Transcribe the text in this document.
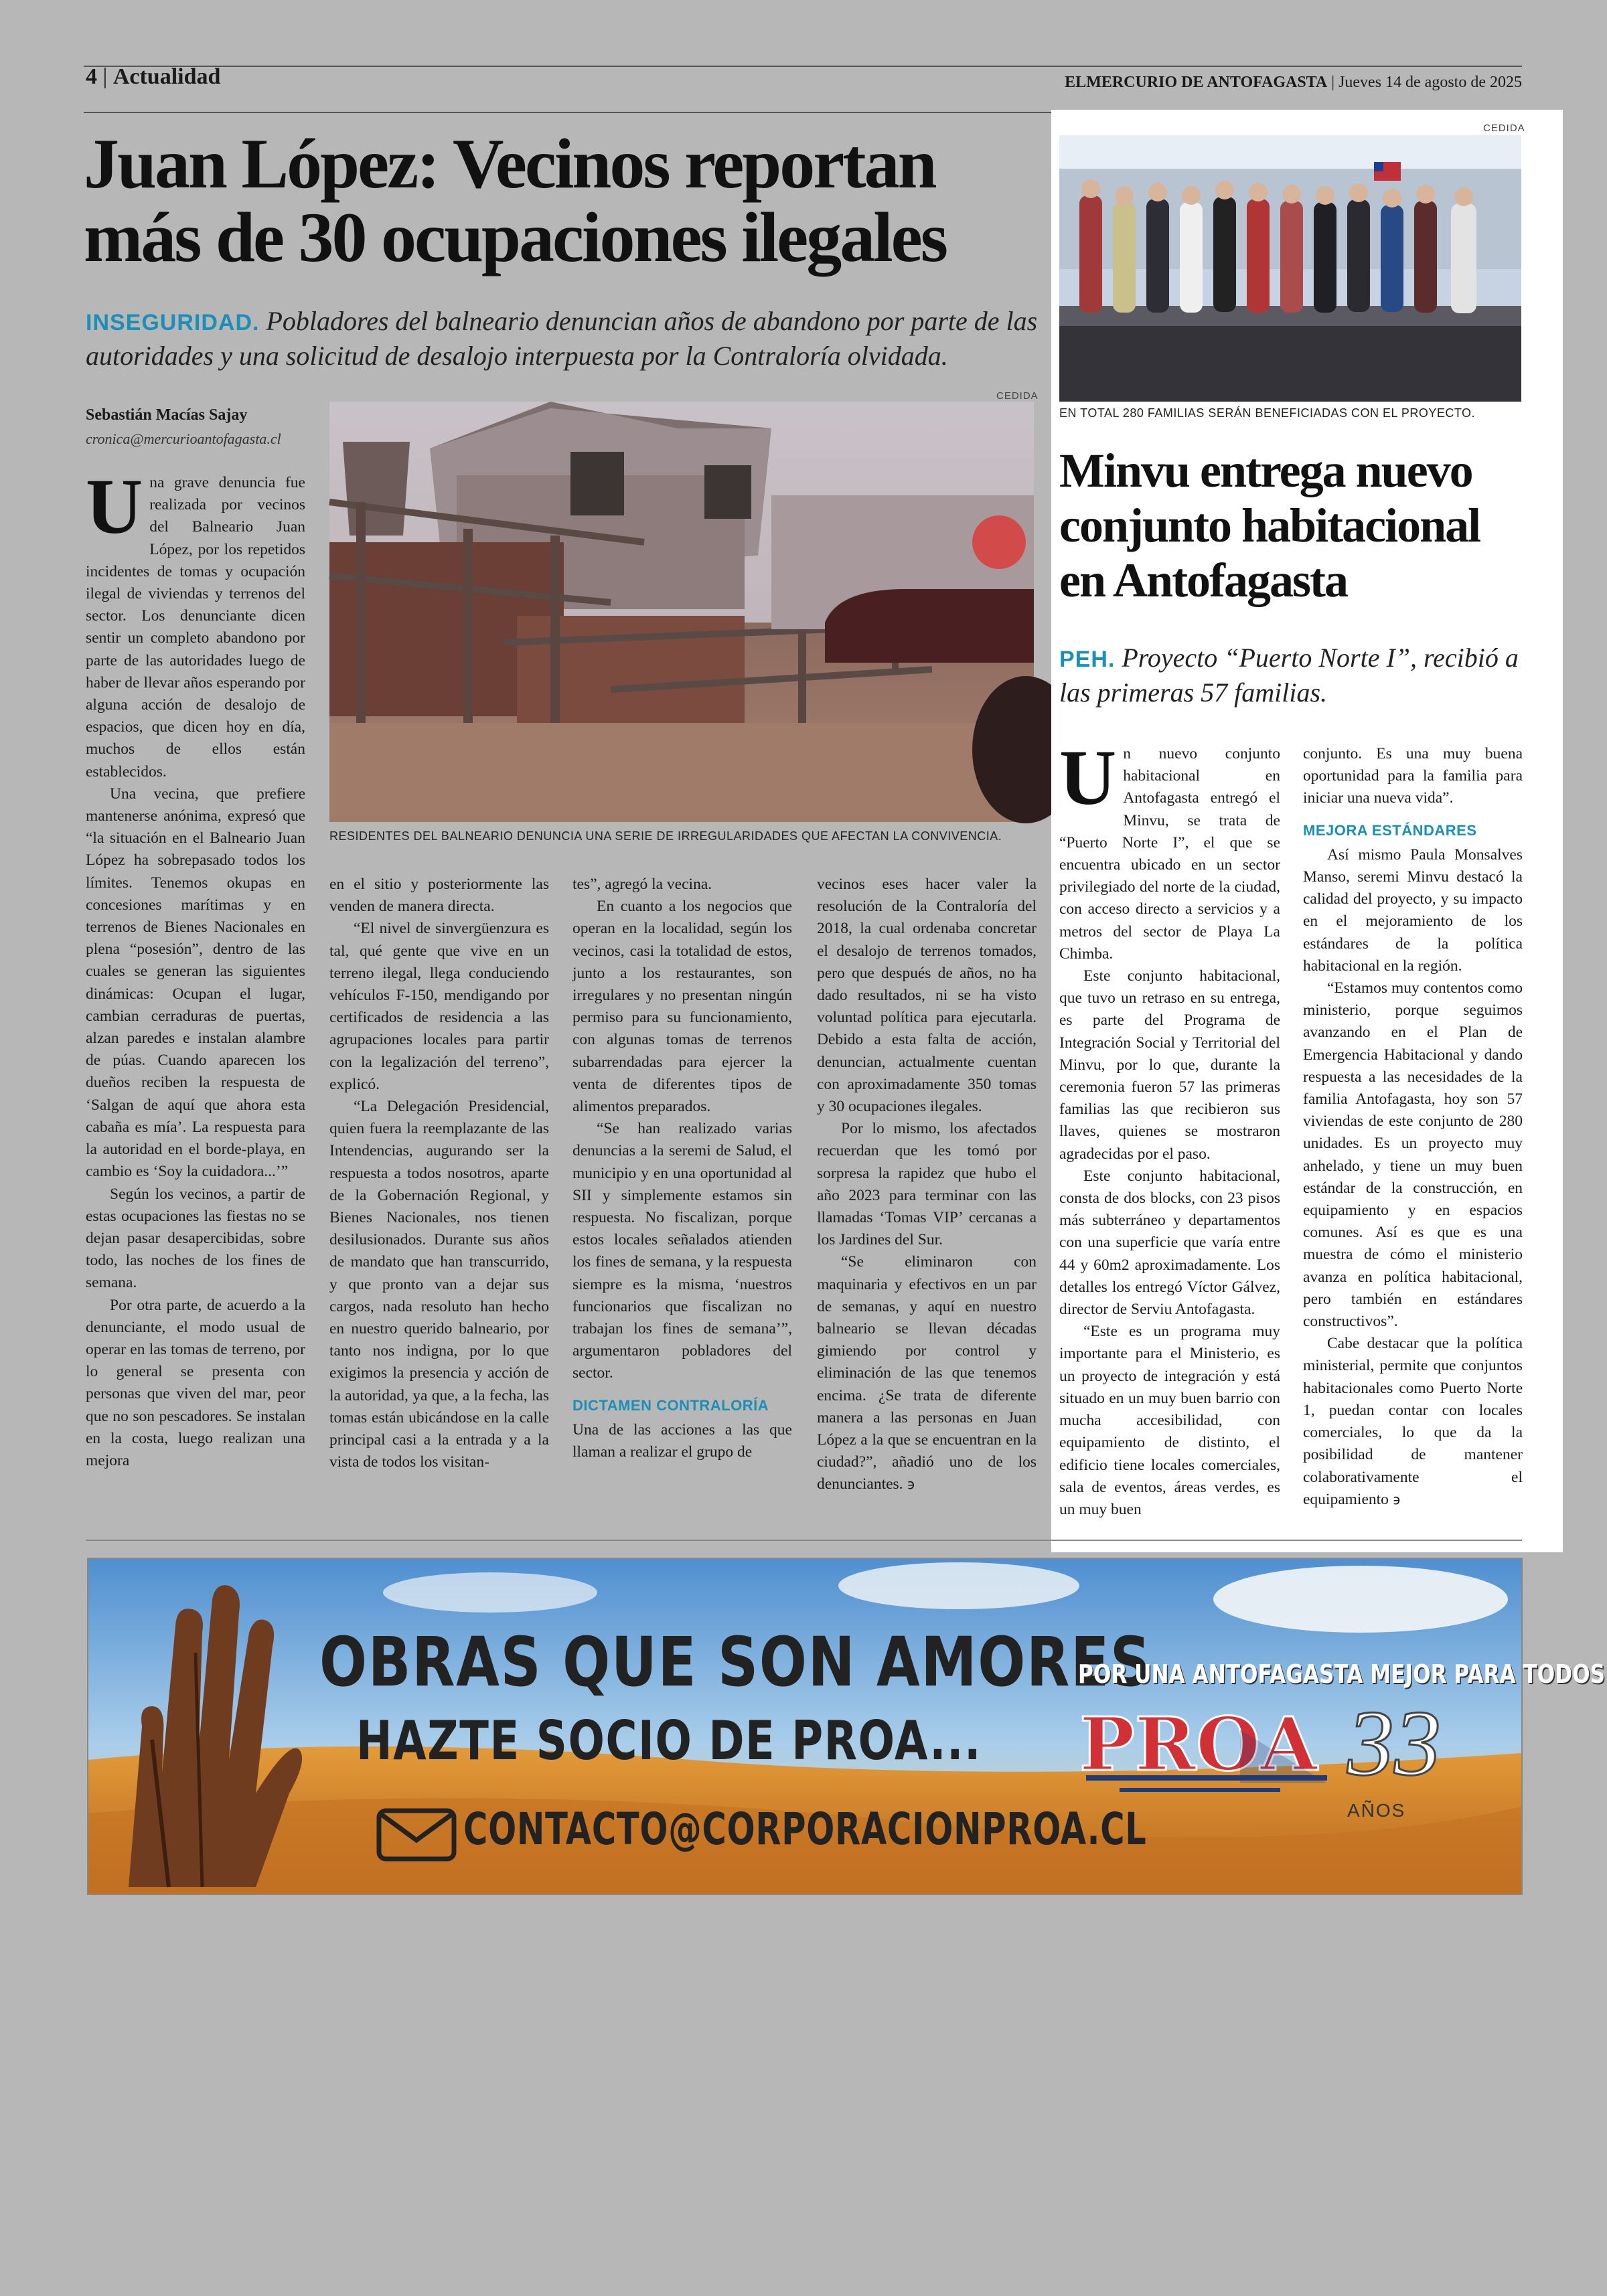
4 | Actualidad	ELMERCURIO DE ANTOFAGASTA | Jueves 14 de agosto de 2025
Juan López: Vecinos reportan
más de 30 ocupaciones ilegales
INSEGURIDAD. Pobladores del balneario denuncian años de abandono por parte de las autoridades y una solicitud de desalojo interpuesta por la Contraloría olvidada.
Sebastián Macías Sajay
cronica@mercurioantofagasta.cl
CEDIDA
RESIDENTES DEL BALNEARIO DENUNCIA UNA SERIE DE IRREGULARIDADES QUE AFECTAN LA CONVIVENCIA.

Una grave denuncia fue realizada por vecinos del Balneario Juan López, por los repetidos incidentes de tomas y ocupación ilegal de viviendas y terrenos del sector. Los denunciante dicen sentir un completo abandono por parte de las autoridades luego de haber de llevar años esperando por alguna acción de desalojo de espacios, que dicen hoy en día, muchos de ellos están establecidos.

Una vecina, que prefiere mantenerse anónima, expresó que “la situación en el Balneario Juan López ha sobrepasado todos los límites. Tenemos okupas en concesiones marítimas y en terrenos de Bienes Nacionales en plena “posesión”, dentro de las cuales se generan las siguientes dinámicas: Ocupan el lugar, cambian cerraduras de puertas, alzan paredes e instalan alambre de púas. Cuando aparecen los dueños reciben la respuesta de ‘Salgan de aquí que ahora esta cabaña es mía’. La respuesta para la autoridad en el borde-playa, en cambio es ‘Soy la cuidadora...’”

Según los vecinos, a partir de estas ocupaciones las fiestas no se dejan pasar desapercibidas, sobre todo, las noches de los fines de semana.

Por otra parte, de acuerdo a la denunciante, el modo usual de operar en las tomas de terreno, por lo general se presenta con personas que viven del mar, peor que no son pescadores. Se instalan en la costa, luego realizan una mejora

en el sitio y posteriormente las venden de manera directa.

“El nivel de sinvergüenzura es tal, qué gente que vive en un terreno ilegal, llega conduciendo vehículos F-150, mendigando por certificados de residencia a las agrupaciones locales para partir con la legalización del terreno”, explicó.

“La Delegación Presidencial, quien fuera la reemplazante de las Intendencias, augurando ser la respuesta a todos nosotros, aparte de la Gobernación Regional, y Bienes Nacionales, nos tienen desilusionados. Durante sus años de mandato que han transcurrido, y que pronto van a dejar sus cargos, nada resoluto han hecho en nuestro querido balneario, por tanto nos indigna, por lo que exigimos la presencia y acción de la autoridad, ya que, a la fecha, las tomas están ubicándose en la calle principal casi a la entrada y a la vista de todos los visitan-

tes”, agregó la vecina.

En cuanto a los negocios que operan en la localidad, según los vecinos, casi la totalidad de estos, junto a los restaurantes, son irregulares y no presentan ningún permiso para su funcionamiento, con algunas tomas de terrenos subarrendadas para ejercer la venta de diferentes tipos de alimentos preparados.

“Se han realizado varias denuncias a la seremi de Salud, el municipio y en una oportunidad al SII y simplemente estamos sin respuesta. No fiscalizan, porque estos locales señalados atienden los fines de semana, y la respuesta siempre es la misma, ‘nuestros funcionarios que fiscalizan no trabajan los fines de semana’”, argumentaron pobladores del sector.

DICTAMEN CONTRALORÍA

Una de las acciones a las que llaman a realizar el grupo de

vecinos eses hacer valer la resolución de la Contraloría del 2018, la cual ordenaba concretar el desalojo de terrenos tomados, pero que después de años, no ha dado resultados, ni se ha visto voluntad política para ejecutarla. Debido a esta falta de acción, denuncian, actualmente cuentan con aproximadamente 350 tomas y 30 ocupaciones ilegales.

Por lo mismo, los afectados recuerdan que les tomó por sorpresa la rapidez que hubo el año 2023 para terminar con las llamadas ‘Tomas VIP’ cercanas a los Jardines del Sur.

“Se eliminaron con maquinaria y efectivos en un par de semanas, y aquí en nuestro balneario se llevan décadas gimiendo por control y eliminación de las que tenemos encima. ¿Se trata de diferente manera a las personas en Juan López a la que se encuentran en la ciudad?”, añadió uno de los denunciantes. ϶

CEDIDA
EN TOTAL 280 FAMILIAS SERÁN BENEFICIADAS CON EL PROYECTO.
Minvu entrega nuevo
conjunto habitacional
en Antofagasta
PEH. Proyecto “Puerto Norte I”, recibió a las primeras 57 familias.

Un nuevo conjunto habitacional en Antofagasta entregó el Minvu, se trata de “Puerto Norte I”, el que se encuentra ubicado en un sector privilegiado del norte de la ciudad, con acceso directo a servicios y a metros del sector de Playa La Chimba.

Este conjunto habitacional, que tuvo un retraso en su entrega, es parte del Programa de Integración Social y Territorial del Minvu, por lo que, durante la ceremonia fueron 57 las primeras familias las que recibieron sus llaves, quienes se mostraron agradecidas por el paso.

Este conjunto habitacional, consta de dos blocks, con 23 pisos más subterráneo y departamentos con una superficie que varía entre 44 y 60m2 aproximadamente. Los detalles los entregó Víctor Gálvez, director de Serviu Antofagasta.

“Este es un programa muy importante para el Ministerio, es un proyecto de integración y está situado en un muy buen barrio con mucha accesibilidad, con equipamiento de distinto, el edificio tiene locales comerciales, sala de eventos, áreas verdes, es un muy buen

conjunto. Es una muy buena oportunidad para la familia para iniciar una nueva vida”.

MEJORA ESTÁNDARES

Así mismo Paula Monsalves Manso, seremi Minvu destacó la calidad del proyecto, y su impacto en el mejoramiento de los estándares de la política habitacional en la región.

“Estamos muy contentos como ministerio, porque seguimos avanzando en el Plan de Emergencia Habitacional y dando respuesta a las necesidades de la familia Antofagasta, hoy son 57 viviendas de este conjunto de 280 unidades. Es un proyecto muy anhelado, y tiene un muy buen estándar de la construcción, en equipamiento y en espacios comunes. Así es que es una muestra de cómo el ministerio avanza en política habitacional, pero también en estándares constructivos”.

Cabe destacar que la política ministerial, permite que conjuntos habitacionales como Puerto Norte 1, puedan contar con locales comerciales, lo que da la posibilidad de mantener colaborativamente el equipamiento ϶

OBRAS QUE SON AMORES
HAZTE SOCIO DE PROA...
CONTACTO@CORPORACIONPROA.CL
POR UNA ANTOFAGASTA MEJOR PARA TODOS
PROA 33
AÑOS
